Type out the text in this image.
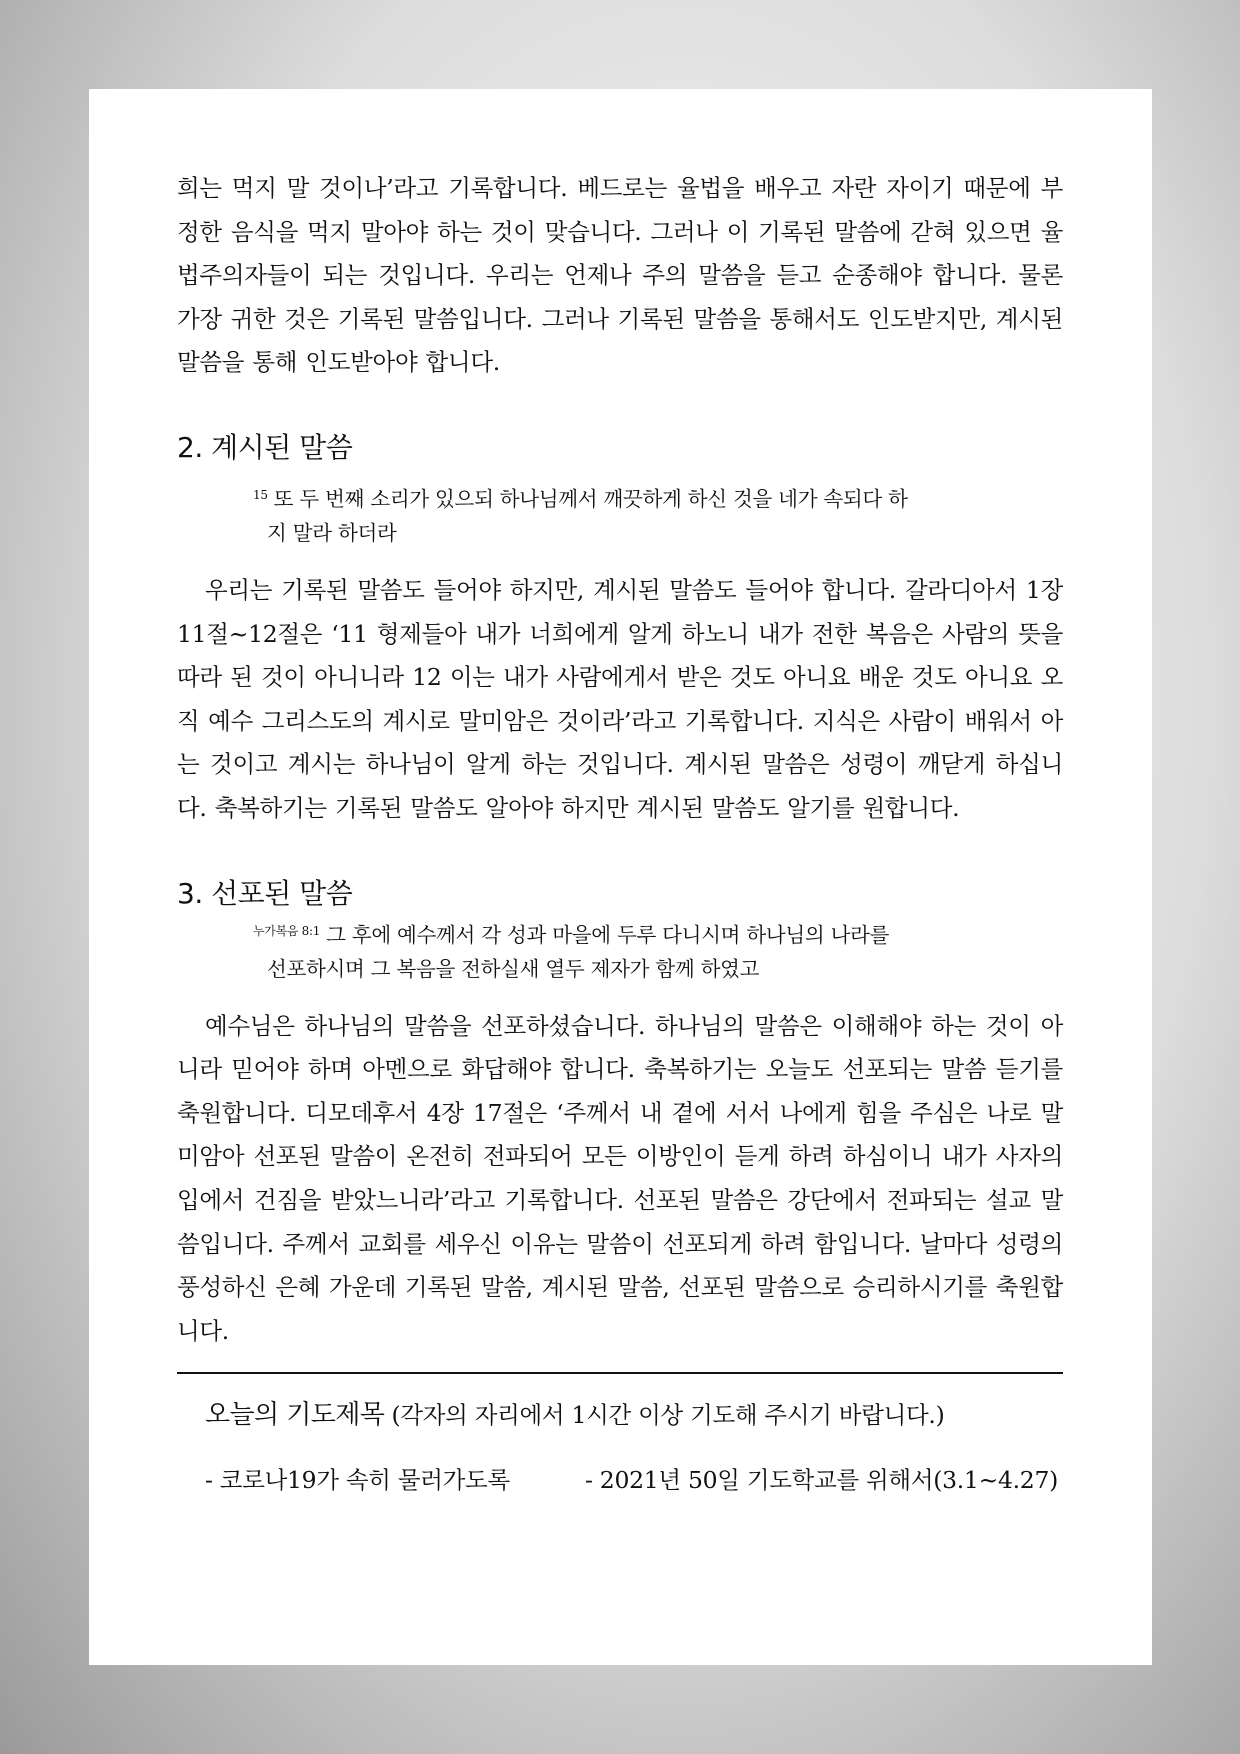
희는 먹지 말 것이나’라고 기록합니다. 베드로는 율법을 배우고 자란 자이기 때문에 부정한 음식을 먹지 말아야 하는 것이 맞습니다. 그러나 이 기록된 말씀에 갇혀 있으면 율법주의자들이 되는 것입니다. 우리는 언제나 주의 말씀을 듣고 순종해야 합니다. 물론 가장 귀한 것은 기록된 말씀입니다. 그러나 기록된 말씀을 통해서도 인도받지만, 계시된 말씀을 통해 인도받아야 합니다.

2. 계시된 말씀

$^{15}$ 또 두 번째 소리가 있으되 하나님께서 깨끗하게 하신 것을 네가 속되다 하
지 말라 하더라

우리는 기록된 말씀도 들어야 하지만, 계시된 말씀도 들어야 합니다. 갈라디아서 1장 11절~12절은 ‘11 형제들아 내가 너희에게 알게 하노니 내가 전한 복음은 사람의 뜻을 따라 된 것이 아니니라 12 이는 내가 사람에게서 받은 것도 아니요 배운 것도 아니요 오직 예수 그리스도의 계시로 말미암은 것이라’라고 기록합니다. 지식은 사람이 배워서 아는 것이고 계시는 하나님이 알게 하는 것입니다. 계시된 말씀은 성령이 깨닫게 하십니다. 축복하기는 기록된 말씀도 알아야 하지만 계시된 말씀도 알기를 원합니다.

3. 선포된 말씀

$^{누가복음 8:1}$ 그 후에 예수께서 각 성과 마을에 두루 다니시며 하나님의 나라를
선포하시며 그 복음을 전하실새 열두 제자가 함께 하였고

예수님은 하나님의 말씀을 선포하셨습니다. 하나님의 말씀은 이해해야 하는 것이 아니라 믿어야 하며 아멘으로 화답해야 합니다. 축복하기는 오늘도 선포되는 말씀 듣기를 축원합니다. 디모데후서 4장 17절은 ‘주께서 내 곁에 서서 나에게 힘을 주심은 나로 말미암아 선포된 말씀이 온전히 전파되어 모든 이방인이 듣게 하려 하심이니 내가 사자의 입에서 건짐을 받았느니라’라고 기록합니다. 선포된 말씀은 강단에서 전파되는 설교 말씀입니다. 주께서 교회를 세우신 이유는 말씀이 선포되게 하려 함입니다. 날마다 성령의 풍성하신 은혜 가운데 기록된 말씀, 계시된 말씀, 선포된 말씀으로 승리하시기를 축원합니다.

오늘의 기도제목 (각자의 자리에서 1시간 이상 기도해 주시기 바랍니다.)
- 코로나19가 속히 물러가도록	- 2021년 50일 기도학교를 위해서(3.1~4.27)
